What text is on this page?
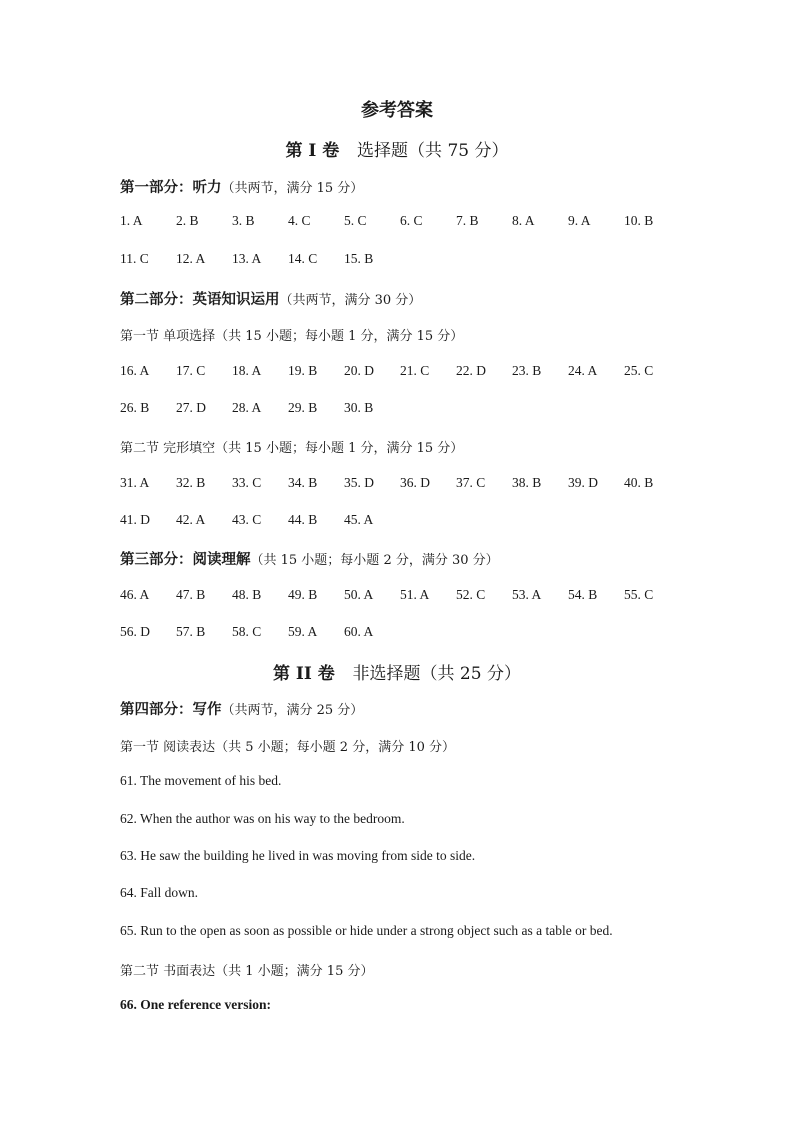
参考答案
第 I 卷 选择题（共 75 分）
第一部分：听力（共两节，满分 15 分）
1. A 2. B 3. B 4. C 5. C 6. C 7. B 8. A 9. A 10. B
11. C 12. A 13. A 14. C 15. B
第二部分：英语知识运用（共两节，满分 30 分）
第一节 单项选择（共 15 小题；每小题 1 分，满分 15 分）
16. A 17. C 18. A 19. B 20. D 21. C 22. D 23. B 24. A 25. C
26. B 27. D 28. A 29. B 30. B
第二节 完形填空（共 15 小题；每小题 1 分，满分 15 分）
31. A 32. B 33. C 34. B 35. D 36. D 37. C 38. B 39. D 40. B
41. D 42. A 43. C 44. B 45. A
第三部分：阅读理解（共 15 小题；每小题 2 分，满分 30 分）
46. A 47. B 48. B 49. B 50. A 51. A 52. C 53. A 54. B 55. C
56. D 57. B 58. C 59. A 60. A
第 II 卷 非选择题（共 25 分）
第四部分：写作（共两节，满分 25 分）
第一节 阅读表达（共 5 小题；每小题 2 分，满分 10 分）
61. The movement of his bed.
62. When the author was on his way to the bedroom.
63. He saw the building he lived in was moving from side to side.
64. Fall down.
65. Run to the open as soon as possible or hide under a strong object such as a table or bed.
第二节 书面表达（共 1 小题；满分 15 分）
66. One reference version:
